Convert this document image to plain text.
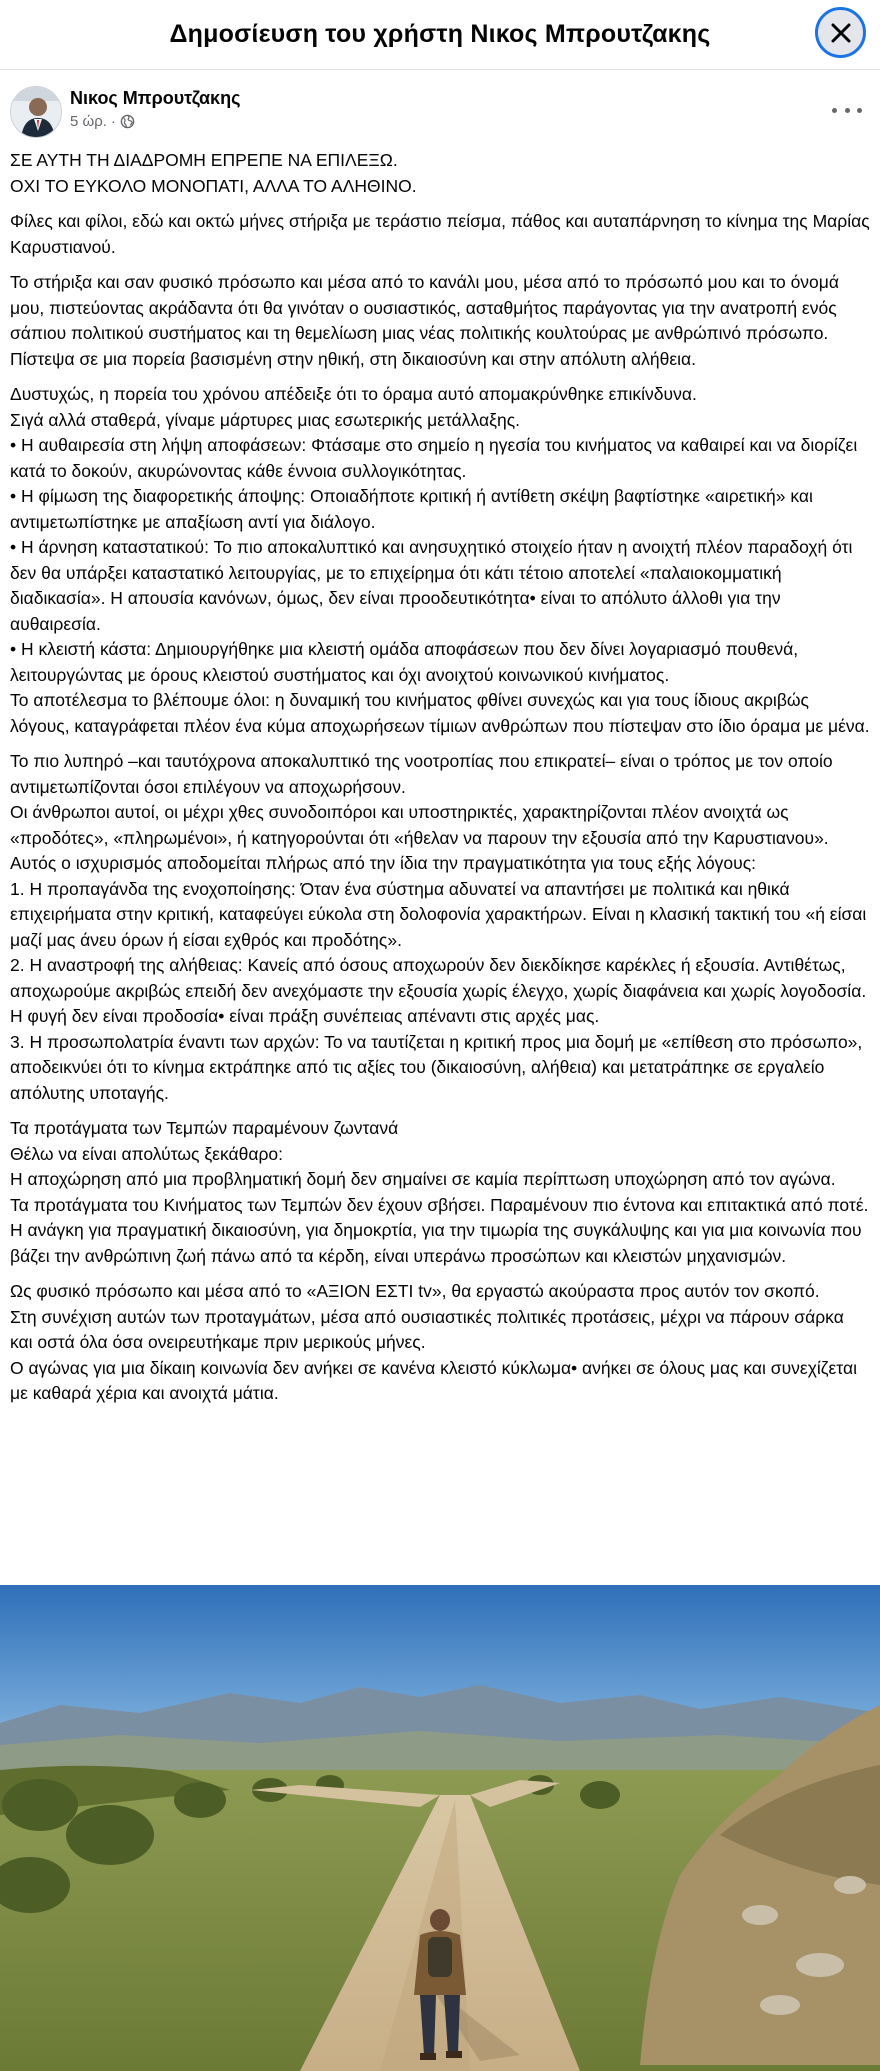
Δημοσίευση του χρήστη Νικος Μπρουτζακης
Νικος Μπρουτζακης
5 ώρ. ·

ΣΕ ΑΥΤΗ ΤΗ ΔΙΑΔΡΟΜΗ ΕΠΡΕΠΕ ΝΑ ΕΠΙΛΕΞΩ.

ΟΧΙ ΤΟ ΕΥΚΟΛΟ ΜΟΝΟΠΑΤΙ, ΑΛΛΑ ΤΟ ΑΛΗΘΙΝΟ.

Φίλες και φίλοι, εδώ και οκτώ μήνες στήριξα με τεράστιο πείσμα, πάθος και αυταπάρνηση το κίνημα της Μαρίας Καρυστιανού.

Το στήριξα και σαν φυσικό πρόσωπο και μέσα από το κανάλι μου, μέσα από το πρόσωπό μου και το όνομά μου, πιστεύοντας ακράδαντα ότι θα γινόταν ο ουσιαστικός, ασταθμήτος παράγοντας για την ανατροπή ενός σάπιου πολιτικού συστήματος και τη θεμελίωση μιας νέας πολιτικής κουλτούρας με ανθρώπινό πρόσωπο.

Πίστεψα σε μια πορεία βασισμένη στην ηθική, στη δικαιοσύνη και στην απόλυτη αλήθεια.

Δυστυχώς, η πορεία του χρόνου απέδειξε ότι το όραμα αυτό απομακρύνθηκε επικίνδυνα.

Σιγά αλλά σταθερά, γίναμε μάρτυρες μιας εσωτερικής μετάλλαξης.

• Η αυθαιρεσία στη λήψη αποφάσεων: Φτάσαμε στο σημείο η ηγεσία του κινήματος να καθαιρεί και να διορίζει κατά το δοκούν, ακυρώνοντας κάθε έννοια συλλογικότητας.

• Η φίμωση της διαφορετικής άποψης: Οποιαδήποτε κριτική ή αντίθετη σκέψη βαφτίστηκε «αιρετική» και αντιμετωπίστηκε με απαξίωση αντί για διάλογο.

• Η άρνηση καταστατικού: Το πιο αποκαλυπτικό και ανησυχητικό στοιχείο ήταν η ανοιχτή πλέον παραδοχή ότι δεν θα υπάρξει καταστατικό λειτουργίας, με το επιχείρημα ότι κάτι τέτοιο αποτελεί «παλαιοκομματική διαδικασία». Η απουσία κανόνων, όμως, δεν είναι προοδευτικότητα• είναι το απόλυτο άλλοθι για την αυθαιρεσία.

• Η κλειστή κάστα: Δημιουργήθηκε μια κλειστή ομάδα αποφάσεων που δεν δίνει λογαριασμό πουθενά, λειτουργώντας με όρους κλειστού συστήματος και όχι ανοιχτού κοινωνικού κινήματος.

Το αποτέλεσμα το βλέπουμε όλοι: η δυναμική του κινήματος φθίνει συνεχώς και για τους ίδιους ακριβώς λόγους, καταγράφεται πλέον ένα κύμα αποχωρήσεων τίμιων ανθρώπων που πίστεψαν στο ίδιο όραμα με μένα.

Το πιο λυπηρό –και ταυτόχρονα αποκαλυπτικό της νοοτροπίας που επικρατεί– είναι ο τρόπος με τον οποίο αντιμετωπίζονται όσοι επιλέγουν να αποχωρήσουν.

Οι άνθρωποι αυτοί, οι μέχρι χθες συνοδοιπόροι και υποστηρικτές, χαρακτηρίζονται πλέον ανοιχτά ως «προδότες», «πληρωμένοι», ή κατηγορούνται ότι «ήθελαν να παρουν την εξουσία από την Καρυστιανου».

Αυτός ο ισχυρισμός αποδομείται πλήρως από την ίδια την πραγματικότητα για τους εξής λόγους:

1. Η προπαγάνδα της ενοχοποίησης: Όταν ένα σύστημα αδυνατεί να απαντήσει με πολιτικά και ηθικά επιχειρήματα στην κριτική, καταφεύγει εύκολα στη δολοφονία χαρακτήρων. Είναι η κλασική τακτική του «ή είσαι μαζί μας άνευ όρων ή είσαι εχθρός και προδότης».

2. Η αναστροφή της αλήθειας: Κανείς από όσους αποχωρούν δεν διεκδίκησε καρέκλες ή εξουσία. Αντιθέτως, αποχωρούμε ακριβώς επειδή δεν ανεχόμαστε την εξουσία χωρίς έλεγχο, χωρίς διαφάνεια και χωρίς λογοδοσία. Η φυγή δεν είναι προδοσία• είναι πράξη συνέπειας απέναντι στις αρχές μας.

3. Η προσωπολατρία έναντι των αρχών: Το να ταυτίζεται η κριτική προς μια δομή με «επίθεση στο πρόσωπο», αποδεικνύει ότι το κίνημα εκτράπηκε από τις αξίες του (δικαιοσύνη, αλήθεια) και μετατράπηκε σε εργαλείο απόλυτης υποταγής.

Τα προτάγματα των Τεμπών παραμένουν ζωντανά

Θέλω να είναι απολύτως ξεκάθαρο:

Η αποχώρηση από μια προβληματική δομή δεν σημαίνει σε καμία περίπτωση υποχώρηση από τον αγώνα.

Τα προτάγματα του Κινήματος των Τεμπών δεν έχουν σβήσει. Παραμένουν πιο έντονα και επιτακτικά από ποτέ. Η ανάγκη για πραγματική δικαιοσύνη, για δημοκρτία, για την τιμωρία της συγκάλυψης και για μια κοινωνία που βάζει την ανθρώπινη ζωή πάνω από τα κέρδη, είναι υπεράνω προσώπων και κλειστών μηχανισμών.

Ως φυσικό πρόσωπο και μέσα από το «ΑΞΙΟΝ ΕΣΤΙ tv», θα εργαστώ ακούραστα προς αυτόν τον σκοπό.

Στη συνέχιση αυτών των προταγμάτων, μέσα από ουσιαστικές πολιτικές προτάσεις, μέχρι να πάρουν σάρκα και οστά όλα όσα ονειρευτήκαμε πριν μερικούς μήνες.

Ο αγώνας για μια δίκαιη κοινωνία δεν ανήκει σε κανένα κλειστό κύκλωμα• ανήκει σε όλους μας και συνεχίζεται με καθαρά χέρια και ανοιχτά μάτια.
